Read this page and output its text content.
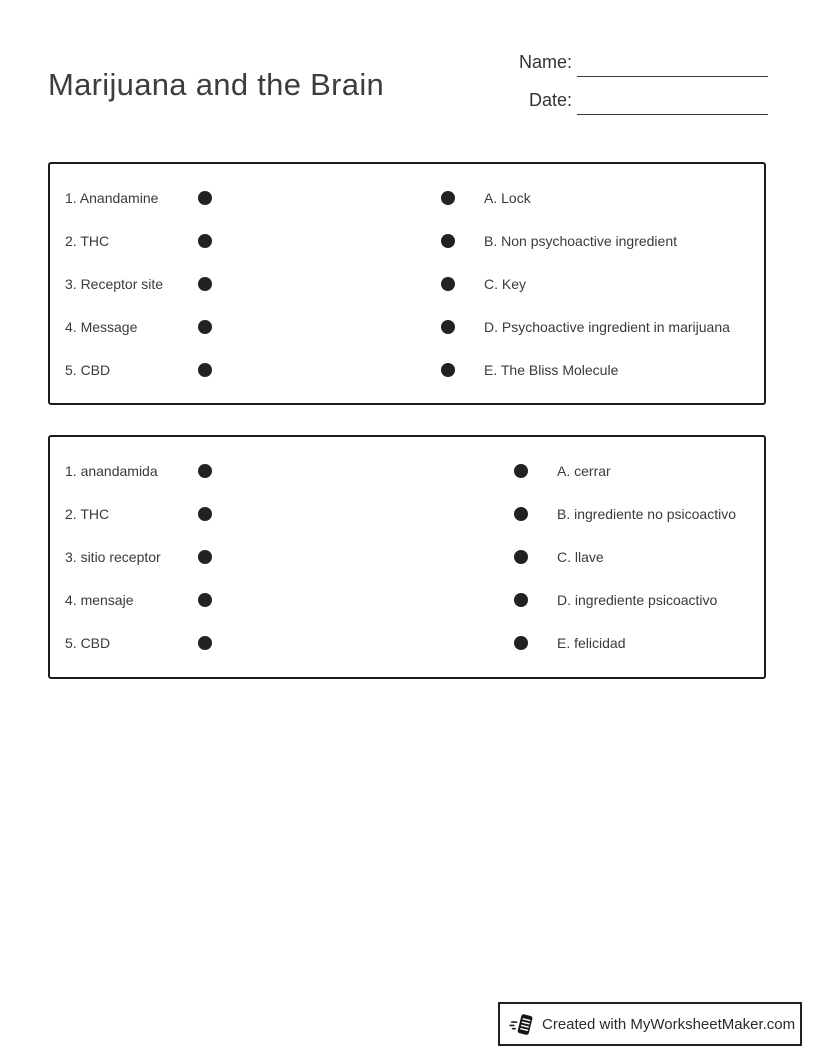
Marijuana and the Brain
Name:
Date:
1. Anandamine	A. Lock
2. THC	B. Non psychoactive ingredient
3. Receptor site	C. Key
4. Message	D. Psychoactive ingredient in marijuana
5. CBD	E. The Bliss Molecule
1. anandamida	A. cerrar
2. THC	B. ingrediente no psicoactivo
3. sitio receptor	C. llave
4. mensaje	D. ingrediente psicoactivo
5. CBD	E. felicidad
Created with MyWorksheetMaker.com
